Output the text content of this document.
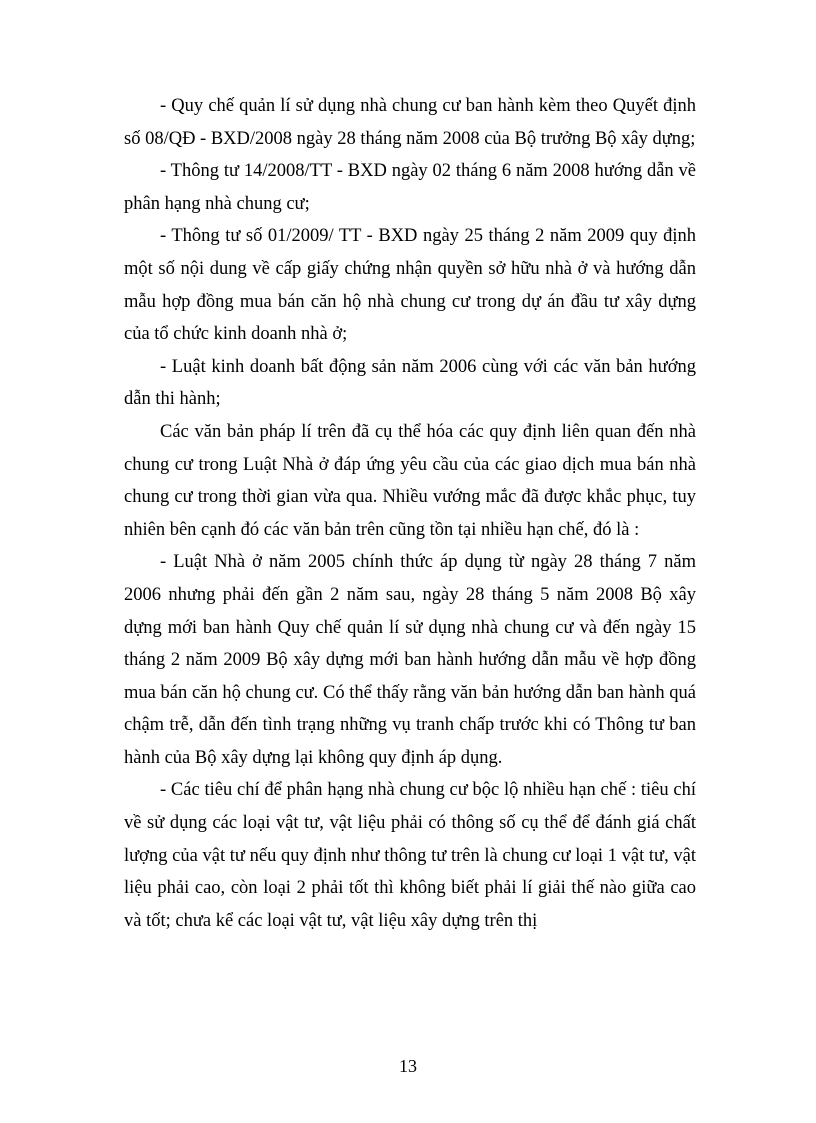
- Quy chế quản lí sử dụng nhà chung cư ban hành kèm theo Quyết định số 08/QĐ - BXD/2008 ngày 28 tháng năm 2008 của Bộ trưởng Bộ xây dựng;

- Thông tư 14/2008/TT - BXD ngày 02 tháng 6 năm 2008 hướng dẫn về phân hạng nhà chung cư;

- Thông tư số 01/2009/ TT - BXD ngày 25 tháng 2 năm 2009 quy định một số nội dung về cấp giấy chứng nhận quyền sở hữu nhà ở và hướng dẫn mẫu hợp đồng mua bán căn hộ nhà chung cư trong dự án đầu tư xây dựng của tổ chức kinh doanh nhà ở;

- Luật kinh doanh bất động sản năm 2006 cùng với các văn bản hướng dẫn thi hành;

Các văn bản pháp lí trên đã cụ thể hóa các quy định liên quan đến nhà chung cư trong Luật Nhà ở đáp ứng yêu cầu của các giao dịch mua bán nhà chung cư trong thời gian vừa qua. Nhiều vướng mắc đã được khắc phục, tuy nhiên bên cạnh đó các văn bản trên cũng tồn tại nhiều hạn chế, đó là :

- Luật Nhà ở năm 2005 chính thức áp dụng từ ngày 28 tháng 7 năm 2006 nhưng phải đến gần 2 năm sau, ngày 28 tháng 5 năm 2008 Bộ xây dựng mới ban hành Quy chế quản lí sử dụng nhà chung cư và đến ngày 15 tháng 2 năm 2009 Bộ xây dựng mới ban hành hướng dẫn mẫu về hợp đồng mua bán căn hộ chung cư. Có thể thấy rằng văn bản hướng dẫn ban hành quá chậm trễ, dẫn đến tình trạng những vụ tranh chấp trước khi có Thông tư ban hành của Bộ xây dựng lại không quy định áp dụng.

- Các tiêu chí để phân hạng nhà chung cư bộc lộ nhiều hạn chế : tiêu chí về sử dụng các loại vật tư, vật liệu phải có thông số cụ thể để đánh giá chất lượng của vật tư nếu quy định như thông tư trên là chung cư loại 1 vật tư, vật liệu phải cao, còn loại 2 phải tốt thì không biết phải lí giải thế nào giữa cao và tốt; chưa kể các loại vật tư, vật liệu xây dựng trên thị

13
